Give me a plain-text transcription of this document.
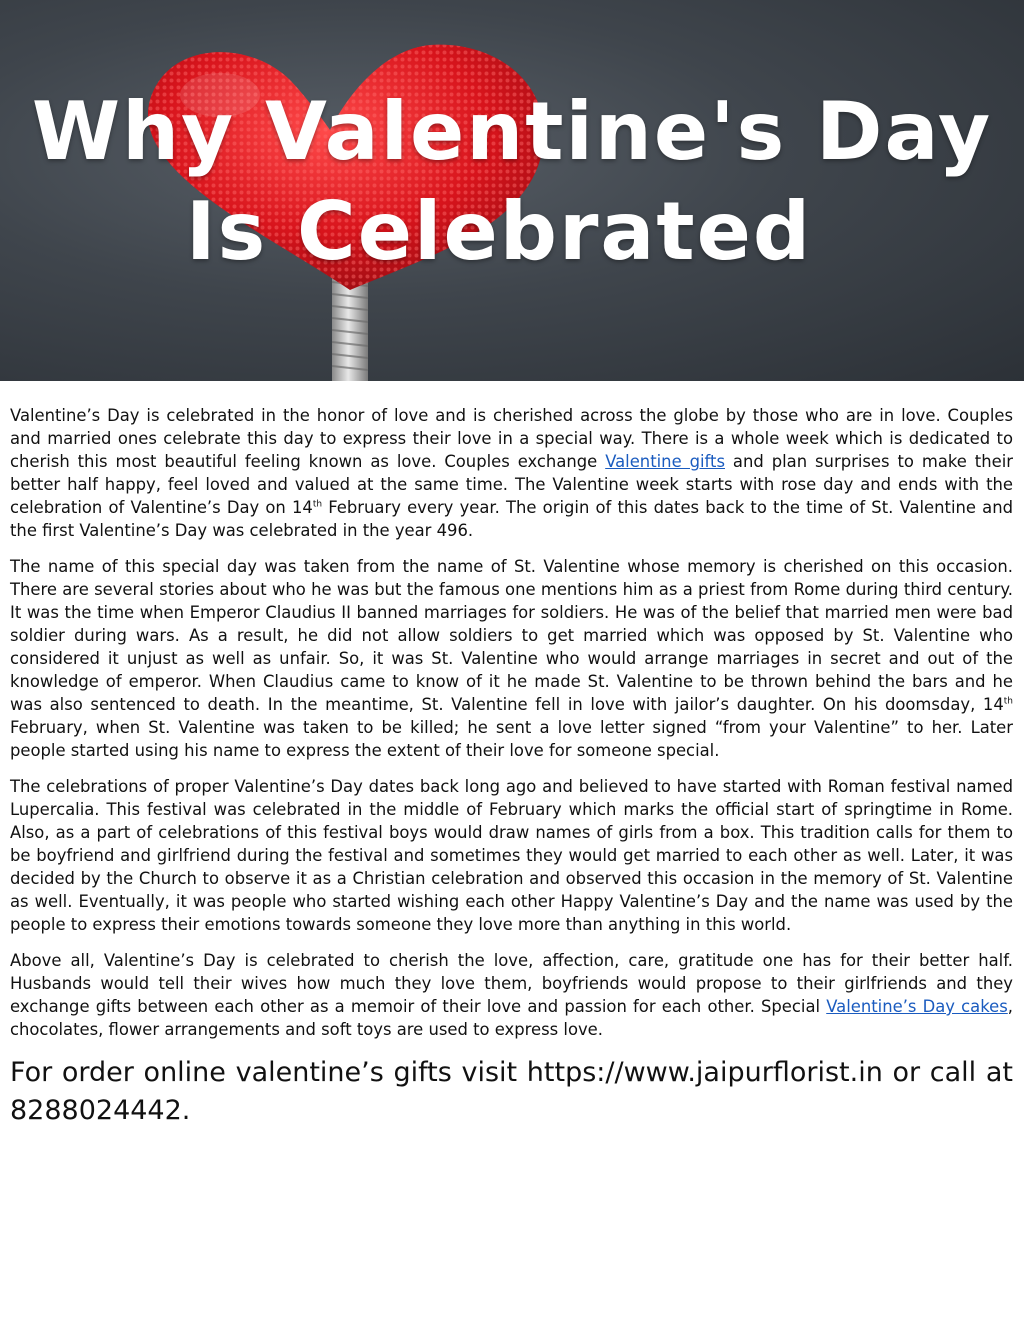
Why Valentine's Day
Is Celebrated

Valentine’s Day is celebrated in the honor of love and is cherished across the globe by those who are in love. Couples and married ones celebrate this day to express their love in a special way. There is a whole week which is dedicated to cherish this most beautiful feeling known as love. Couples exchange Valentine gifts and plan surprises to make their better half happy, feel loved and valued at the same time. The Valentine week starts with rose day and ends with the celebration of Valentine’s Day on 14th February every year. The origin of this dates back to the time of St. Valentine and the first Valentine’s Day was celebrated in the year 496.

The name of this special day was taken from the name of St. Valentine whose memory is cherished on this occasion. There are several stories about who he was but the famous one mentions him as a priest from Rome during third century. It was the time when Emperor Claudius II banned marriages for soldiers. He was of the belief that married men were bad soldier during wars. As a result, he did not allow soldiers to get married which was opposed by St. Valentine who considered it unjust as well as unfair. So, it was St. Valentine who would arrange marriages in secret and out of the knowledge of emperor. When Claudius came to know of it he made St. Valentine to be thrown behind the bars and he was also sentenced to death. In the meantime, St. Valentine fell in love with jailor’s daughter. On his doomsday, 14th February, when St. Valentine was taken to be killed; he sent a love letter signed “from your Valentine” to her. Later people started using his name to express the extent of their love for someone special.

The celebrations of proper Valentine’s Day dates back long ago and believed to have started with Roman festival named Lupercalia. This festival was celebrated in the middle of February which marks the official start of springtime in Rome. Also, as a part of celebrations of this festival boys would draw names of girls from a box. This tradition calls for them to be boyfriend and girlfriend during the festival and sometimes they would get married to each other as well. Later, it was decided by the Church to observe it as a Christian celebration and observed this occasion in the memory of St. Valentine as well. Eventually, it was people who started wishing each other Happy Valentine’s Day and the name was used by the people to express their emotions towards someone they love more than anything in this world.

Above all, Valentine’s Day is celebrated to cherish the love, affection, care, gratitude one has for their better half. Husbands would tell their wives how much they love them, boyfriends would propose to their girlfriends and they exchange gifts between each other as a memoir of their love and passion for each other. Special Valentine’s Day cakes, chocolates, flower arrangements and soft toys are used to express love.

For order online valentine’s gifts visit https://www.jaipurflorist.in or call at 8288024442.
